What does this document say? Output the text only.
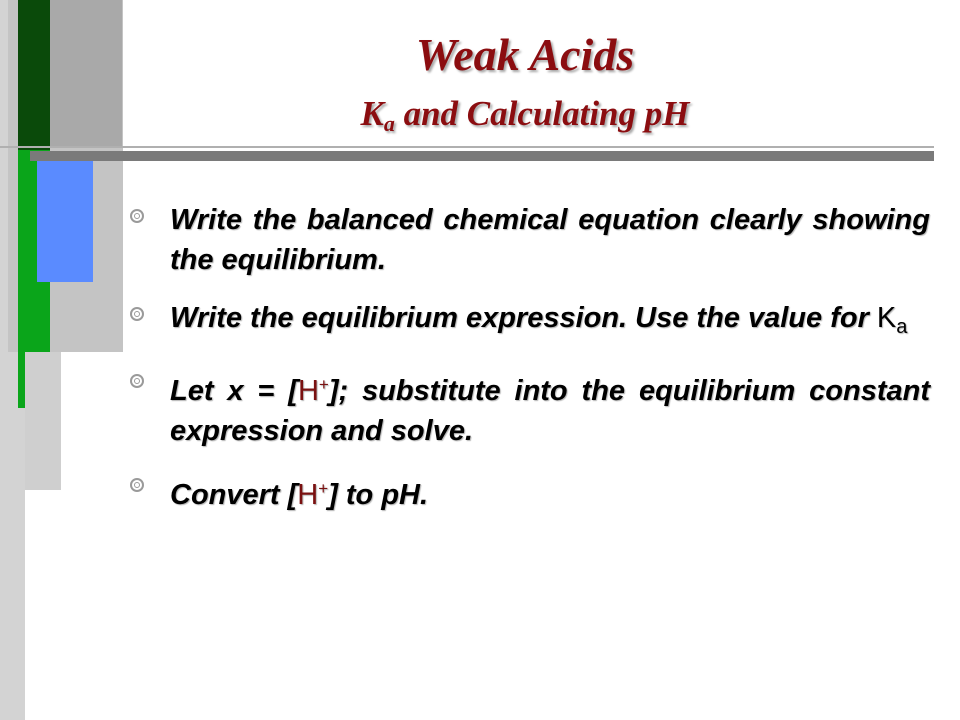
Weak Acids
$K_a$ and Calculating pH
Write the balanced chemical equation clearly showing the equilibrium.
Write the equilibrium expression. Use the value for $K_a$
Let x = [H+]; substitute into the equilibrium constant expression and solve.
Convert [H+] to pH.
